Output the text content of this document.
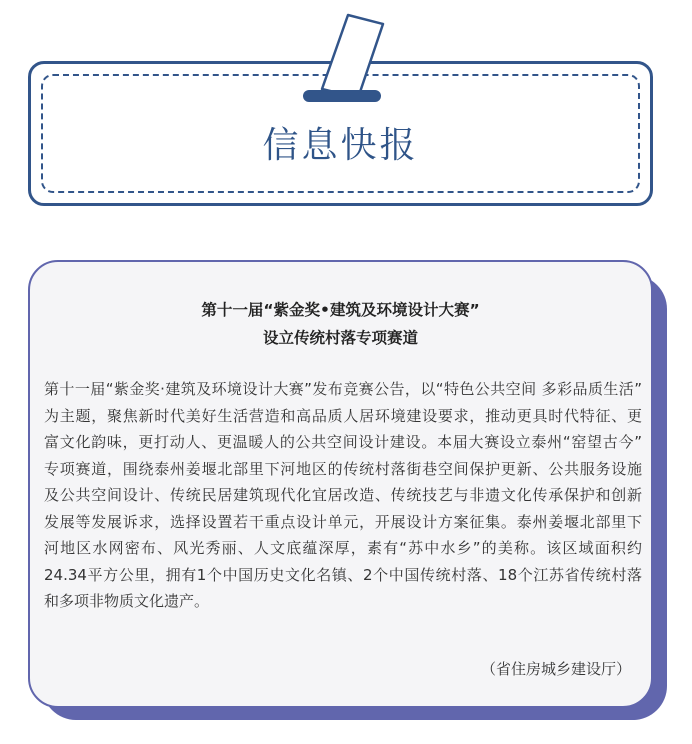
信息快报
第十一届“紫金奖•建筑及环境设计大赛”
设立传统村落专项赛道
第十一届“紫金奖·建筑及环境设计大赛”发布竞赛公告，以“特色公共空间 多彩品质生活”
为主题，聚焦新时代美好生活营造和高品质人居环境建设要求，推动更具时代特征、更
富文化韵味，更打动人、更温暖人的公共空间设计建设。本届大赛设立泰州“窑望古今”
专项赛道，围绕泰州姜堰北部里下河地区的传统村落街巷空间保护更新、公共服务设施
及公共空间设计、传统民居建筑现代化宜居改造、传统技艺与非遗文化传承保护和创新
发展等发展诉求，选择设置若干重点设计单元，开展设计方案征集。泰州姜堰北部里下
河地区水网密布、风光秀丽、人文底蕴深厚，素有“苏中水乡”的美称。该区域面积约
24.34平方公里，拥有1个中国历史文化名镇、2个中国传统村落、18个江苏省传统村落
和多项非物质文化遗产。
（省住房城乡建设厅）
